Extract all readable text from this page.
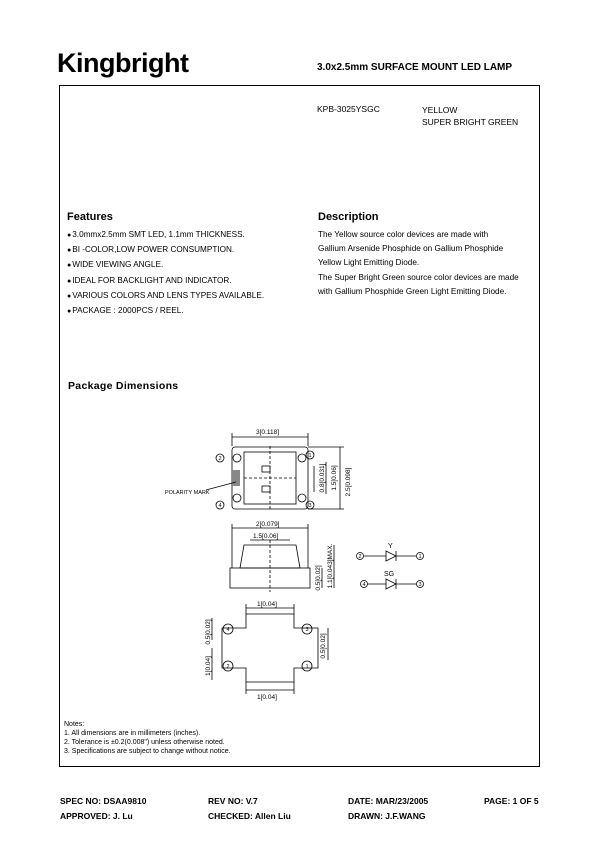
Kingbright	3.0x2.5mm SURFACE MOUNT LED LAMP
KPB-3025YSGC	YELLOW
SUPER BRIGHT GREEN
Features
● 3.0mmx2.5mm SMT LED, 1.1mm THICKNESS.
● BI -COLOR,LOW POWER CONSUMPTION.
● WIDE VIEWING ANGLE.
● IDEAL FOR BACKLIGHT AND INDICATOR.
● VARIOUS COLORS AND LENS TYPES AVAILABLE.
● PACKAGE : 2000PCS / REEL.
Description

The Yellow source color devices are made with

Gallium Arsenide Phosphide on Gallium Phosphide

Yellow Light Emitting Diode.

The Super Bright Green source color devices are made

with Gallium Phosphide Green Light Emitting Diode.

Package Dimensions
3[0.118]
2.5[0.098]
1.5[0.06]
0.8[0.031]
POLARITY MARK
2[0.079]
1.5[0.06]
0.5[0.02] 1.1[0.043]MAX.
1[0.04]
0.5[0.02]
1[0.04]
0.5[0.02]
1[0.04]
2
4
1
3
4	3
2	1
2	1
4	3
Y
SG
Notes:
1. All dimensions are in millimeters (inches).
2. Tolerance is ±0.2(0.008") unless otherwise noted.
3. Specifications are subject to change without notice.
SPEC NO: DSAA9810	REV NO: V.7	DATE: MAR/23/2005	PAGE: 1 OF 5
APPROVED: J. Lu	CHECKED: Allen Liu	DRAWN: J.F.WANG
